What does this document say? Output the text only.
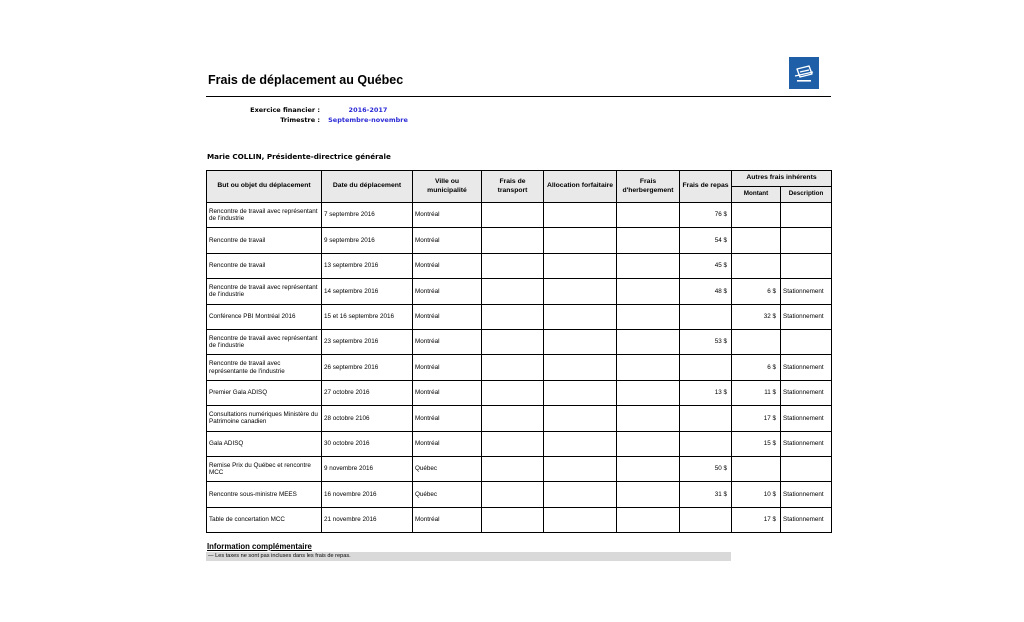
Frais de déplacement au Québec
Exercice financier :	2016-2017
Trimestre : Septembre-novembre
Marie COLLIN, Présidente-directrice générale
But ou objet du déplacement	Date du déplacement	Ville ou municipalité	Frais de transport	Allocation forfaitaire	Frais d'herbergement	Frais de repas	Autres frais inhérents	
							Montant	Description
Rencontre de travail avec représentant de l'industrie	7 septembre 2016	Montréal				76 $		
Rencontre de travail	9 septembre 2016	Montréal				54 $		
Rencontre de travail	13 septembre 2016	Montréal				45 $		
Rencontre de travail avec représentant de l'industrie	14 septembre 2016	Montréal				48 $	6 $	Stationnement
Conférence PBI Montréal 2016	15 et 16 septembre 2016	Montréal					32 $	Stationnement
Rencontre de travail avec représentant de l'industrie	23 septembre 2016	Montréal				53 $		
Rencontre de travail avec représentante de l'industrie	26 septembre 2016	Montréal					6 $	Stationnement
Premier Gala ADISQ	27 octobre 2016	Montréal				13 $	11 $	Stationnement
Consultations numériques Ministère du Patrimoine canadien	28 octobre 2106	Montréal					17 $	Stationnement
Gala ADISQ	30 octobre 2016	Montréal					15 $	Stationnement
Remise Prix du Québec et rencontre MCC	9 novembre 2016	Québec				50 $		
Rencontre sous-ministre MEES	16 novembre 2016	Québec				31 $	10 $	Stationnement
Table de concertation MCC	21 novembre 2016	Montréal					17 $	Stationnement
Information complémentaire
— Les taxes ne sont pas incluses dans les frais de repas.
